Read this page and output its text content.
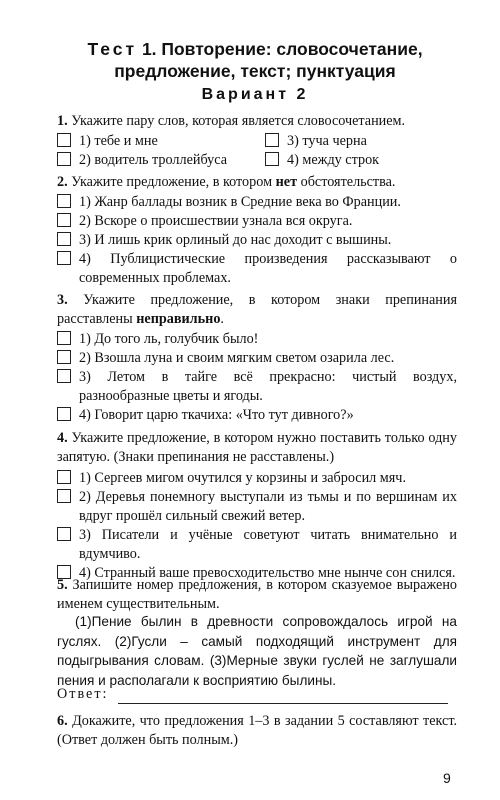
Тест 1. Повторение: словосочетание,
предложение, текст; пунктуация
Вариант 2
1. Укажите пару слов, которая является словосочетанием.
1) тебе и мне	3) туча черна
2) водитель троллейбуса	4) между строк
2. Укажите предложение, в котором нет обстоятельства.
1) Жанр баллады возник в Средние века во Франции.
2) Вскоре о происшествии узнала вся округа.
3) И лишь крик орлиный до нас доходит с вышины.
4) Публицистические произведения рассказывают о современных проблемах.
3. Укажите предложение, в котором знаки препинания расставлены неправильно.
1) До того ль, голубчик было!
2) Взошла луна и своим мягким светом озарила лес.
3) Летом в тайге всё прекрасно: чистый воздух, разнообразные цветы и ягоды.
4) Говорит царю ткачиха: «Что тут дивного?»
4. Укажите предложение, в котором нужно поставить только одну запятую. (Знаки препинания не расставлены.)
1) Сергеев мигом очутился у корзины и забросил мяч.
2) Деревья понемногу выступали из тьмы и по вершинам их вдруг прошёл сильный свежий ветер.
3) Писатели и учёные советуют читать внимательно и вдумчиво.
4) Странный ваше превосходительство мне нынче сон снился.
5. Запишите номер предложения, в котором сказуемое выражено именем существительным.
(1)Пение былин в древности сопровождалось игрой на гуслях. (2)Гусли – самый подходящий инструмент для подыгрывания словам. (3)Мерные звуки гуслей не заглушали пения и располагали к восприятию былины.
Ответ:
6. Докажите, что предложения 1–3 в задании 5 составляют текст. (Ответ должен быть полным.)
9
